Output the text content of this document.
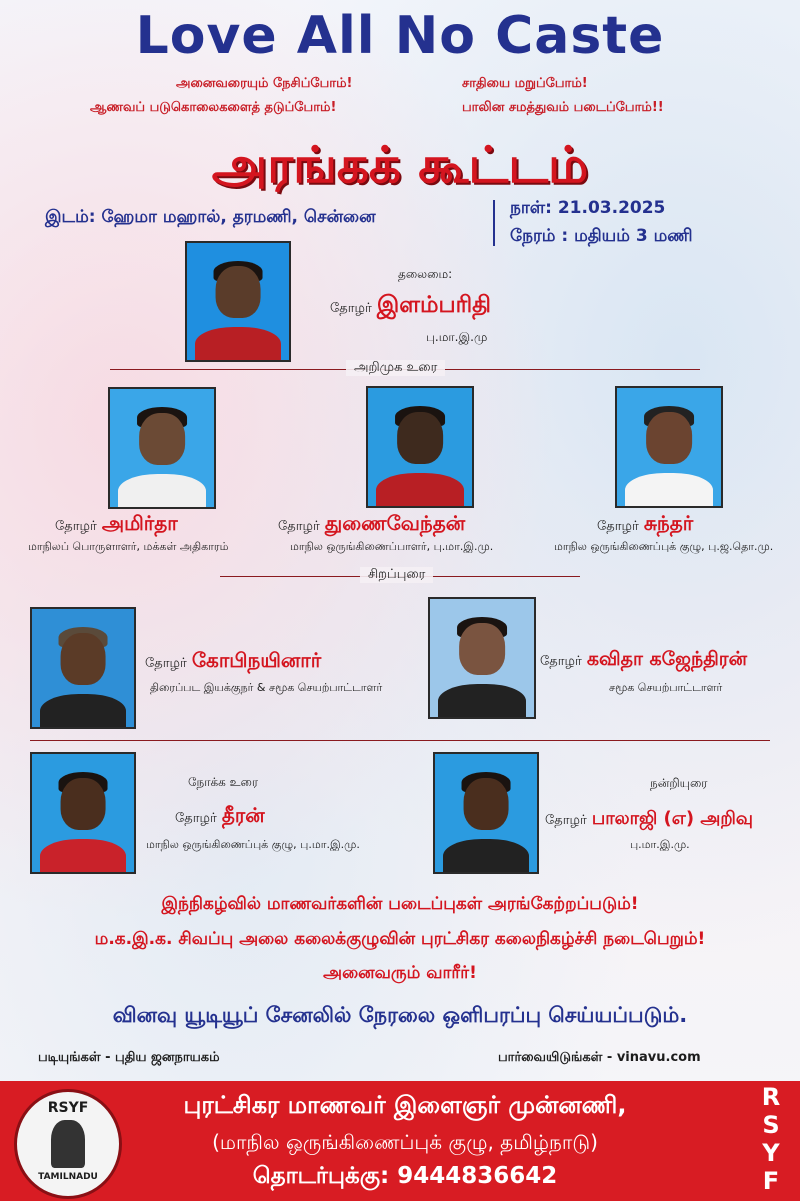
Love All No Caste
அனைவரையும் நேசிப்போம்!	சாதியை மறுப்போம்!
ஆணவப் படுகொலைகளைத் தடுப்போம்!	பாலின சமத்துவம் படைப்போம்!!
அரங்கக் கூட்டம்
இடம்: ஹேமா மஹால், தரமணி, சென்னை	நாள்: 21.03.2025
நேரம் : மதியம் 3 மணி
தலைமை:
தோழர் இளம்பரிதி
பு.மா.இ.மு
அறிமுக உரை
தோழர் அமிர்தா
மாநிலப் பொருளாளர், மக்கள் அதிகாரம்
தோழர் துணைவேந்தன்
மாநில ஒருங்கிணைப்பாளர், பு.மா.இ.மு.
தோழர் சுந்தர்
மாநில ஒருங்கிணைப்புக் குழு, பு.ஜ.தொ.மு.
சிறப்புரை
தோழர் கோபிநயினார்
திரைப்பட இயக்குநர் & சமூக செயற்பாட்டாளர்
தோழர் கவிதா கஜேந்திரன்
சமூக செயற்பாட்டாளர்
நோக்க உரை
தோழர் தீரன்
மாநில ஒருங்கிணைப்புக் குழு, பு.மா.இ.மு.
நன்றியுரை
தோழர் பாலாஜி (எ) அறிவு
பு.மா.இ.மு.
இந்நிகழ்வில் மாணவர்களின் படைப்புகள் அரங்கேற்றப்படும்!
ம.க.இ.க. சிவப்பு அலை கலைக்குழுவின் புரட்சிகர கலைநிகழ்ச்சி நடைபெறும்!
அனைவரும் வாரீர்!
வினவு யூடியூப் சேனலில் நேரலை ஒளிபரப்பு செய்யப்படும்.
படியுங்கள் - புதிய ஜனநாயகம்	பார்வையிடுங்கள் - vinavu.com
RSYF
TAMILNADU
புரட்சிகர மாணவர் இளைஞர் முன்னணி,
(மாநில ஒருங்கிணைப்புக் குழு, தமிழ்நாடு)
தொடர்புக்கு: 9444836642
R
S
Y
F
